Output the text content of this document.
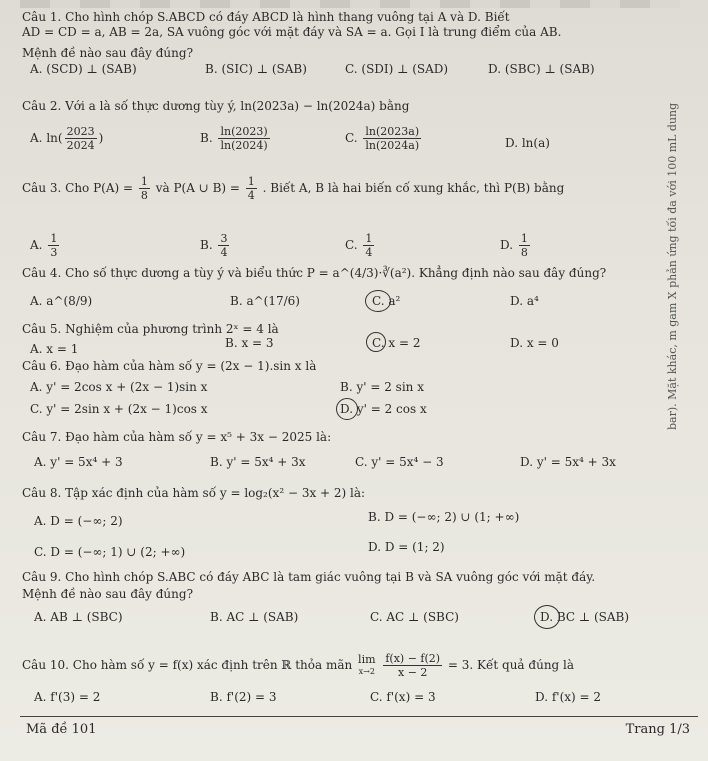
Câu 1. Cho hình chóp S.ABCD có đáy ABCD là hình thang vuông tại A và D. Biết
AD = CD = a, AB = 2a, SA vuông góc với mặt đáy và SA = a. Gọi I là trung điểm của AB.
Mệnh đề nào sau đây đúng?
A. (SCD) ⊥ (SAB)	B. (SIC) ⊥ (SAB)	C. (SDI) ⊥ (SAD)	D. (SBC) ⊥ (SAB)
Câu 2. Với a là số thực dương tùy ý, ln(2023a) − ln(2024a) bằng
A. $\ln( \frac{2023}{2024}$ )	B. $\frac{\ln(2023)}{\ln(2024)}$	C. $\frac{\ln(2023a)}{\ln(2024a)}$	D. ln(a)
Câu 3. Cho $P(A) = \frac{1}{8}$ và P(A ∪ $B) = \frac{1}{4}$ . Biết A, B là hai biến cố xung khắc, thì P(B) bằng
A. $\frac{1}{3}$	B. $\frac{3}{4}$	C. $\frac{1}{4}$	D. $\frac{1}{8}$
Câu 4. Cho số thực dương a tùy ý và biểu thức P = a^(4/3)·∛(a²). Khẳng định nào sau đây đúng?
A. a^(8/9)	B. a^(17/6)	C. a²	D. a⁴
Câu 5. Nghiệm của phương trình 2ˣ = 4 là
A. x = 1	B. x = 3	C. x = 2	D. x = 0
Câu 6. Đạo hàm của hàm số y = (2x − 1).sin x là
A. y' = 2cos x + (2x − 1)sin x	B. y' = 2 sin x
C. y' = 2sin x + (2x − 1)cos x	D. y' = 2 cos x
Câu 7. Đạo hàm của hàm số y = x⁵ + 3x − 2025 là:
A. y' = 5x⁴ + 3	B. y' = 5x⁴ + 3x	C. y' = 5x⁴ − 3	D. y' = 5x⁴ + 3x
Câu 8. Tập xác định của hàm số y = log₂(x² − 3x + 2) là:
A. D = (−∞; 2)	B. D = (−∞; 2) ∪ (1; +∞)
C. D = (−∞; 1) ∪ (2; +∞)	D. D = (1; 2)
Câu 9. Cho hình chóp S.ABC có đáy ABC là tam giác vuông tại B và SA vuông góc với mặt đáy.
Mệnh đề nào sau đây đúng?
A. AB ⊥ (SBC)	B. AC ⊥ (SAB)	C. AC ⊥ (SBC)	D. BC ⊥ (SAB)
Câu 10. Cho hàm số y = f(x) xác định trên ℝ thỏa mãn lim
x→2
$\frac{f(x) - f(2)}{x - 2} = 3$. Kết quả đúng là
A. f'(3) = 2	B. f'(2) = 3	C. f'(x) = 3	D. f'(x) = 2
bar). Mặt khác, m gam X phản ứng tối đa với 100 mL dung
Mã đề 101	Trang 1/3
